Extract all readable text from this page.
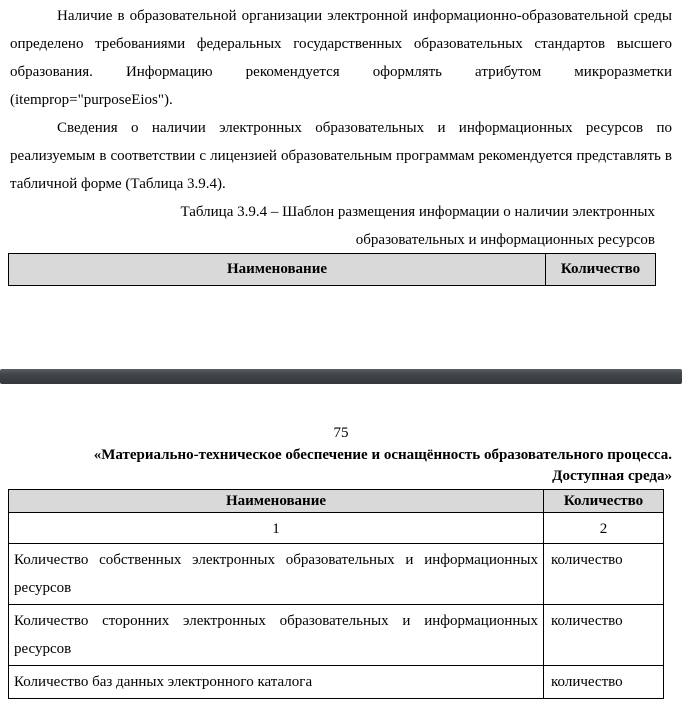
Наличие в образовательной организации электронной информационно-образовательной среды определено требованиями федеральных государственных образовательных стандартов высшего образования. Информацию рекомендуется оформлять атрибутом микроразметки (itemprop="purposeEios").

Сведения о наличии электронных образовательных и информационных ресурсов по реализуемым в соответствии с лицензией образовательным программам рекомендуется представлять в табличной форме (Таблица 3.9.4).

Таблица 3.9.4 – Шаблон размещения информации о наличии электронных образовательных и информационных ресурсов

Наименование	Количество
75
«Материально-техническое обеспечение и оснащённость образовательного процесса. Доступная среда»
Наименование	Количество
1	2
Количество собственных электронных образовательных и информационных ресурсов	количество
Количество сторонних электронных образовательных и информационных ресурсов	количество
Количество баз данных электронного каталога	количество
